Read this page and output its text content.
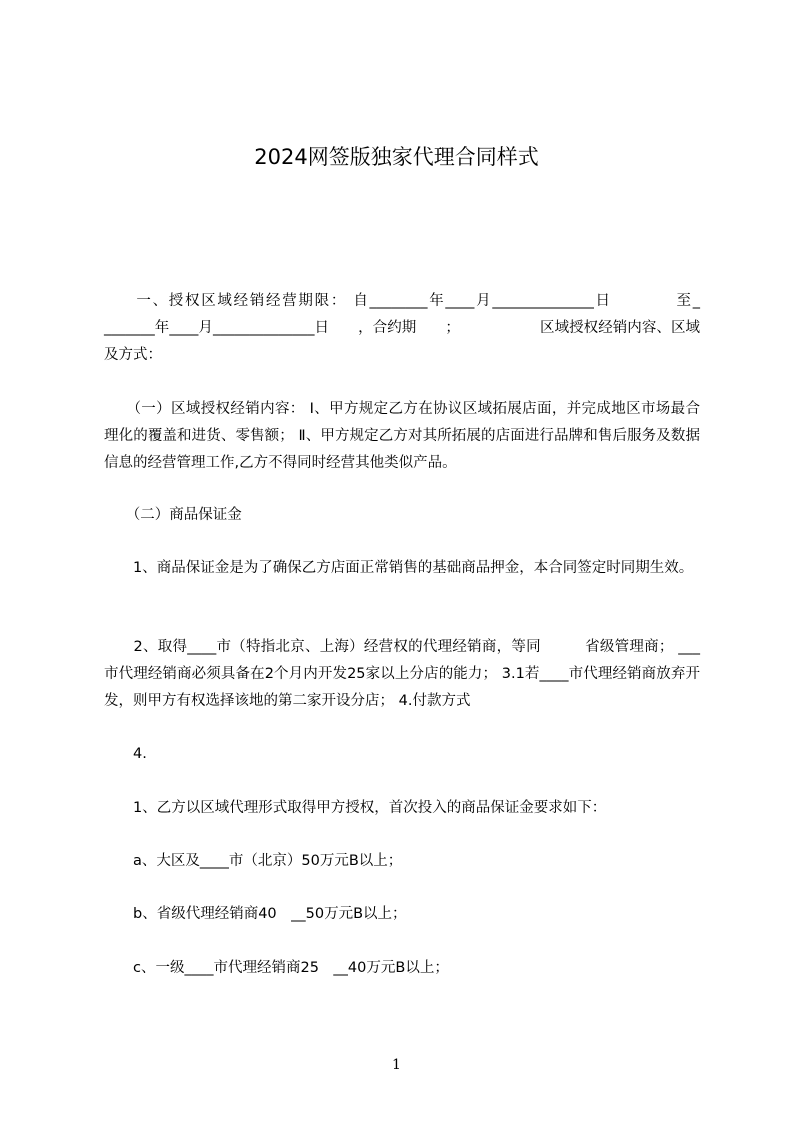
2024网签版独家代理合同样式

　　一、授权区域经销经营期限： 自________年____月______________日　　　　至_ _______年____月______________日　　，合约期　　；　　　　　　区域授权经销内容、区域及方式：

　　（一）区域授权经销内容： Ⅰ、甲方规定乙方在协议区域拓展店面，并完成地区市场最合理化的覆盖和进货、零售额； Ⅱ、甲方规定乙方对其所拓展的店面进行品牌和售后服务及数据信息的经营管理工作,乙方不得同时经营其他类似产品。

　　（二）商品保证金

　　1、商品保证金是为了确保乙方店面正常销售的基础商品押金，本合同签定时同期生效。

　　2、取得____市（特指北京、上海）经营权的代理经销商，等同　　　省级管理商； ___市代理经销商必须具备在2个月内开发25家以上分店的能力； 3.1若____市代理经销商放弃开发，则甲方有权选择该地的第二家开设分店； 4.付款方式

　　4.

　　1、乙方以区域代理形式取得甲方授权，首次投入的商品保证金要求如下：

　　a、大区及____市（北京）50万元B以上；

　　b、省级代理经销商40　__50万元B以上；

　　c、一级____市代理经销商25　__40万元B以上；

1
